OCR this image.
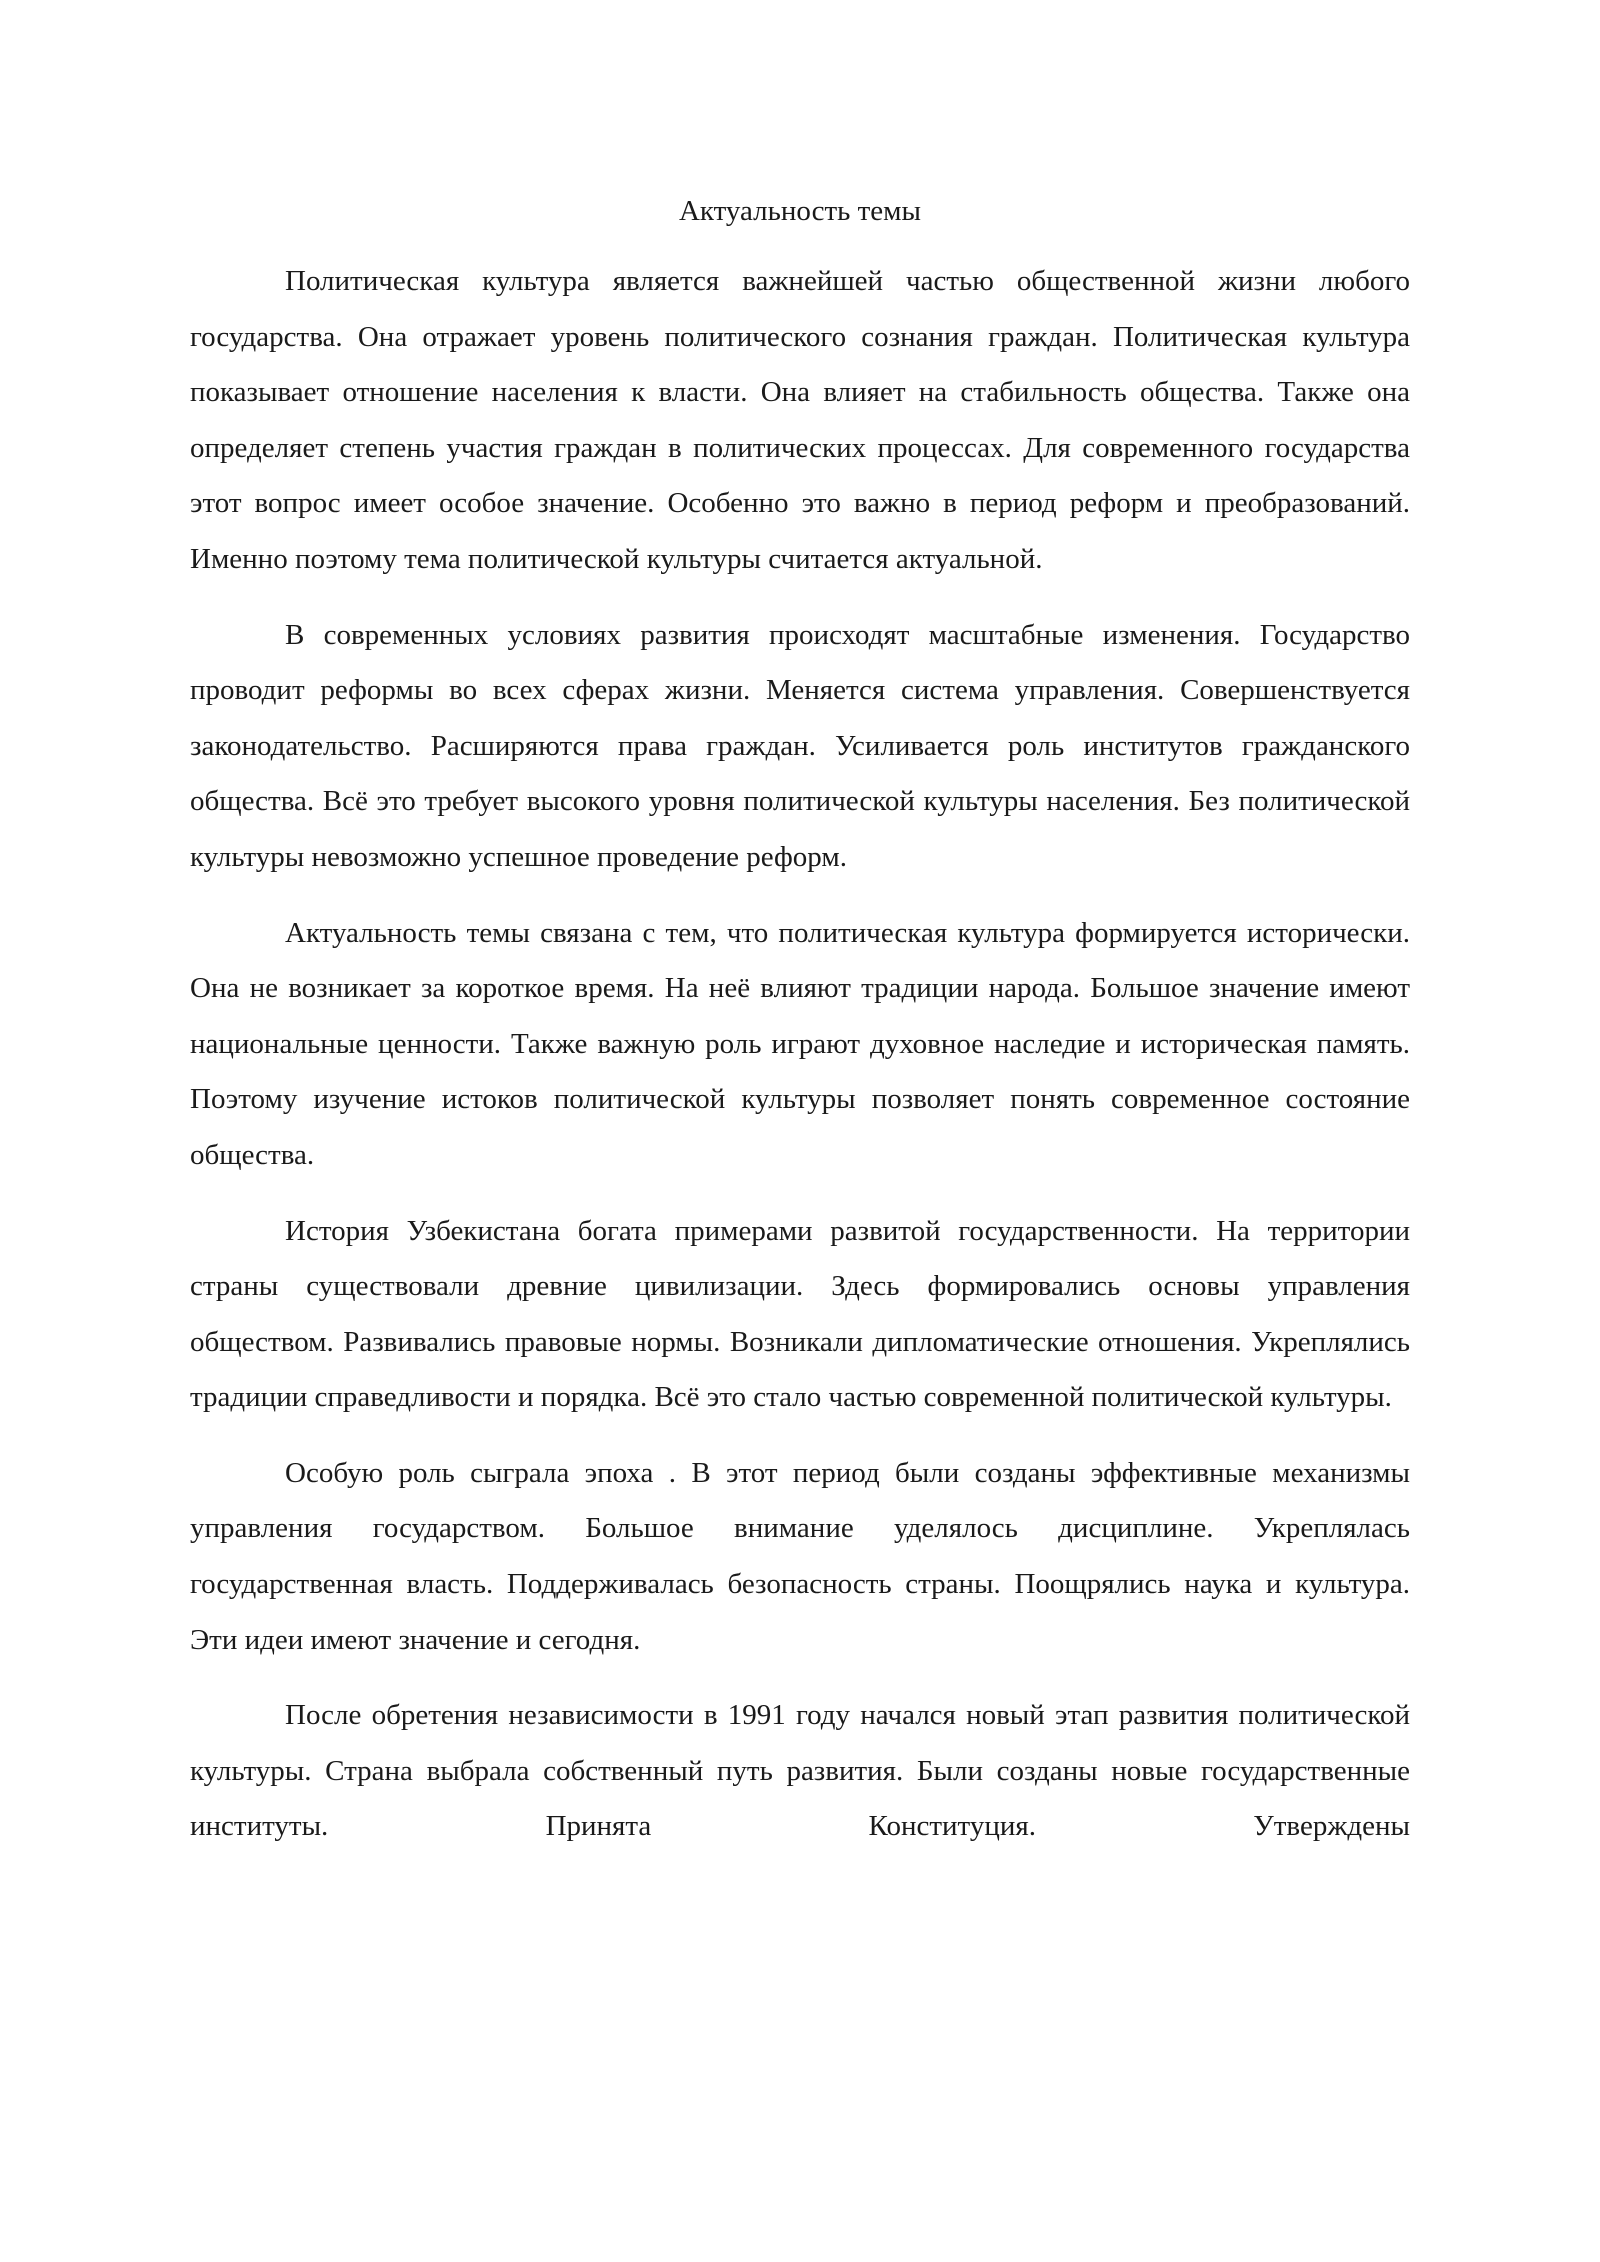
Актуальность темы

Политическая культура является важнейшей частью общественной жизни любого государства. Она отражает уровень политического сознания граждан. Политическая культура показывает отношение населения к власти. Она влияет на стабильность общества. Также она определяет степень участия граждан в политических процессах. Для современного государства этот вопрос имеет особое значение. Особенно это важно в период реформ и преобразований. Именно поэтому тема политической культуры считается актуальной.

В современных условиях развития происходят масштабные изменения. Государство проводит реформы во всех сферах жизни. Меняется система управления. Совершенствуется законодательство. Расширяются права граждан. Усиливается роль институтов гражданского общества. Всё это требует высокого уровня политической культуры населения. Без политической культуры невозможно успешное проведение реформ.

Актуальность темы связана с тем, что политическая культура формируется исторически. Она не возникает за короткое время. На неё влияют традиции народа. Большое значение имеют национальные ценности. Также важную роль играют духовное наследие и историческая память. Поэтому изучение истоков политической культуры позволяет понять современное состояние общества.

История Узбекистана богата примерами развитой государственности. На территории страны существовали древние цивилизации. Здесь формировались основы управления обществом. Развивались правовые нормы. Возникали дипломатические отношения. Укреплялись традиции справедливости и порядка. Всё это стало частью современной политической культуры.

Особую роль сыграла эпоха . В этот период были созданы эффективные механизмы управления государством. Большое внимание уделялось дисциплине. Укреплялась государственная власть. Поддерживалась безопасность страны. Поощрялись наука и культура. Эти идеи имеют значение и сегодня.

После обретения независимости в 1991 году начался новый этап развития политической культуры. Страна выбрала собственный путь развития. Были созданы новые государственные институты. Принята Конституция. Утверждены
